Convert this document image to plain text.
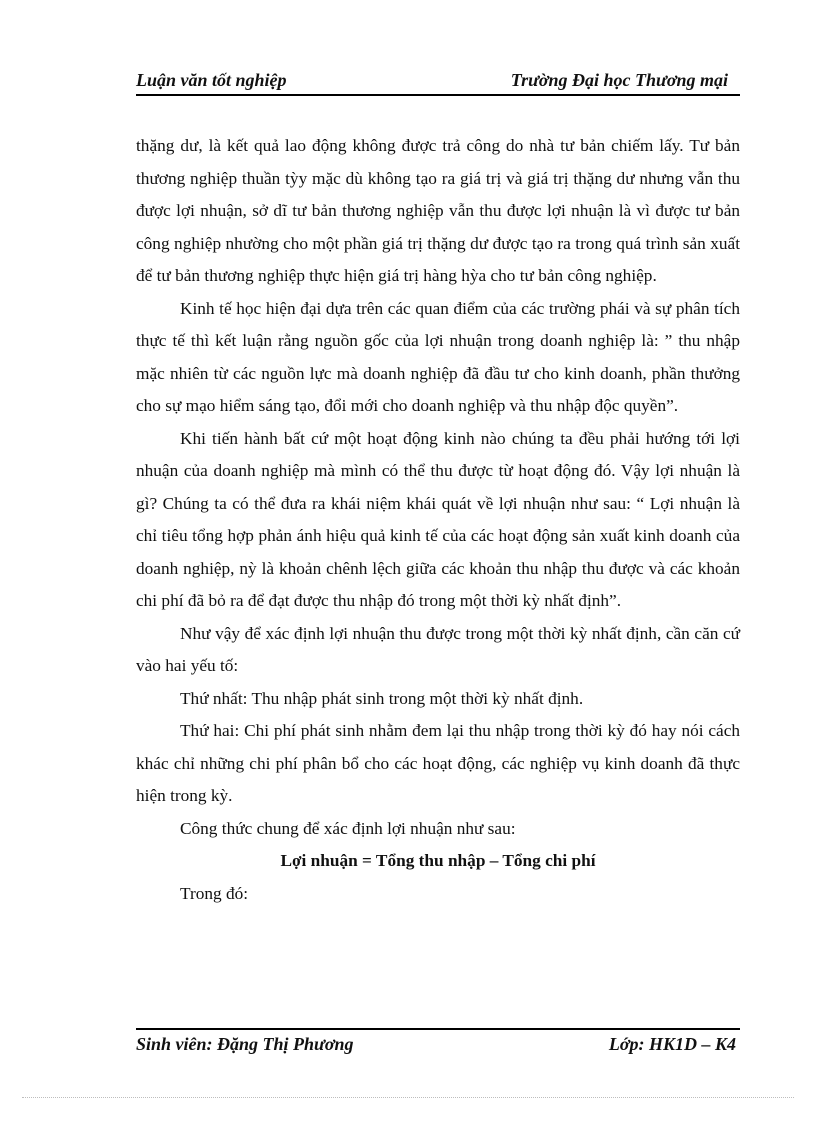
Luận văn tốt nghiệp	Trường Đại học Thương mại

thặng dư, là kết quả lao động không được trả công do nhà tư bản chiếm lấy. Tư bản thương nghiệp thuần tỳy mặc dù không tạo ra giá trị và giá trị thặng dư nhưng vẫn thu được lợi nhuận, sở dĩ tư bản thương nghiệp vẫn thu được lợi nhuận là vì được tư bản công nghiệp nhường cho một phần giá trị thặng dư được tạo ra trong quá trình sản xuất để tư bản thương nghiệp thực hiện giá trị hàng hỳa cho tư bản công nghiệp.

Kinh tế học hiện đại dựa trên các quan điểm của các trường phái và sự phân tích thực tế thì kết luận rằng nguồn gốc của lợi nhuận trong doanh nghiệp là: ” thu nhập mặc nhiên từ các nguồn lực mà doanh nghiệp đã đầu tư cho kinh doanh, phần thưởng cho sự mạo hiểm sáng tạo, đổi mới cho doanh nghiệp và thu nhập độc quyền”.

Khi tiến hành bất cứ một hoạt động kinh nào chúng ta đều phải hướng tới lợi nhuận của doanh nghiệp mà mình có thể thu được từ hoạt động đó. Vậy lợi nhuận là gì? Chúng ta có thể đưa ra khái niệm khái quát về lợi nhuận như sau: “ Lợi nhuận là chỉ tiêu tổng hợp phản ánh hiệu quả kinh tế của các hoạt động sản xuất kinh doanh của doanh nghiệp, nỳ là khoản chênh lệch giữa các khoản thu nhập thu được và các khoản chi phí đã bỏ ra để đạt được thu nhập đó trong một thời kỳ nhất định”.

Như vậy để xác định lợi nhuận thu được trong một thời kỳ nhất định, cần căn cứ vào hai yếu tố:

Thứ nhất: Thu nhập phát sinh trong một thời kỳ nhất định.

Thứ hai: Chi phí phát sinh nhằm đem lại thu nhập trong thời kỳ đó hay nói cách khác chỉ những chi phí phân bổ cho các hoạt động, các nghiệp vụ kinh doanh đã thực hiện trong kỳ.

Công thức chung để xác định lợi nhuận như sau:

Lợi nhuận = Tổng thu nhập – Tổng chi phí

Trong đó:

Sinh viên: Đặng Thị Phương	Lớp: HK1D – K4
